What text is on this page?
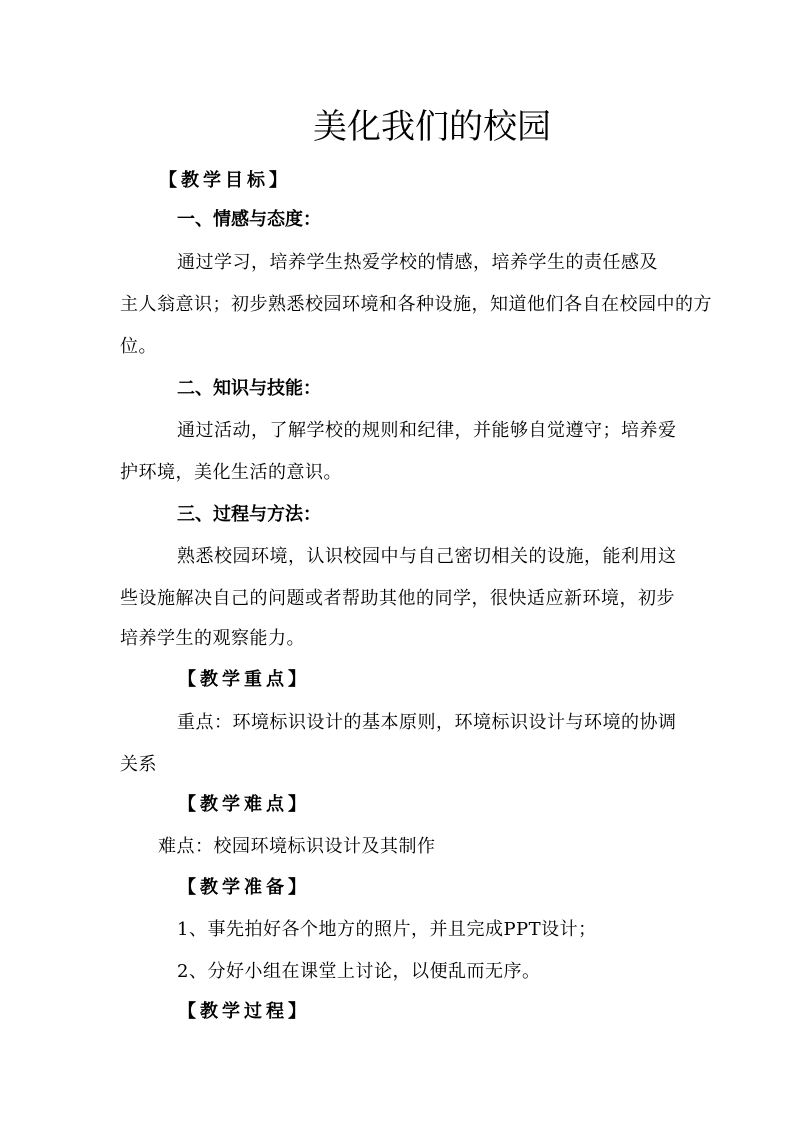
美化我们的校园
【教学目标】
一、情感与态度：
通过学习，培养学生热爱学校的情感，培养学生的责任感及
主人翁意识；初步熟悉校园环境和各种设施，知道他们各自在校园中的方
位。
二、知识与技能：
通过活动，了解学校的规则和纪律，并能够自觉遵守；培养爱
护环境，美化生活的意识。
三、过程与方法：
熟悉校园环境，认识校园中与自己密切相关的设施，能利用这
些设施解决自己的问题或者帮助其他的同学，很快适应新环境，初步
培养学生的观察能力。
【教学重点】
重点：环境标识设计的基本原则，环境标识设计与环境的协调
关系
【教学难点】
难点：校园环境标识设计及其制作
【教学准备】
1、事先拍好各个地方的照片，并且完成PPT设计；
2、分好小组在课堂上讨论，以便乱而无序。
【教学过程】
